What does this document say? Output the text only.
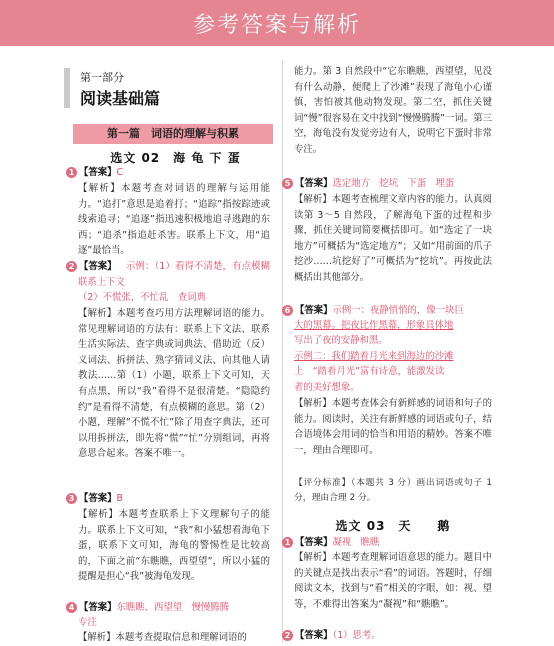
参考答案与解析
第一部分
阅读基础篇
第一篇　词语的理解与积累
选文 02　海 龟 下 蛋
1 【答案】C
【解析】本题考查对词语的理解与运用能力。“追打”意思是追着打；“追踪”指按踪迹或线索追寻；“追逐”指迅速积极地追寻逃跑的东西；“追杀”指追赶杀害。联系上下文，用“追逐”最恰当。
2 【答案】	示例：（1）看得不清楚，有点模糊　联系上下文
（2）不慌张，不忙乱　查词典
【解析】本题考查巧用方法理解词语的能力。常见理解词语的方法有：联系上下文法、联系生活实际法、查字典或词典法、借助近（反）义词法、拆拼法、熟字猜词义法、向其他人请教法……第（1）小题，联系上下文可知，天有点黑，所以“我”看得不是很清楚。“隐隐约约”是看得不清楚，有点模糊的意思。第（2）小题，理解“不慌不忙”除了用查字典法，还可以用拆拼法，即先将“慌”“忙”分别组词，再将意思合起来。答案不唯一。
3 【答案】B
【解析】本题考查联系上下文理解句子的能力。联系上下文可知，“我”和小猛想看海龟下蛋，联系下文可知，海龟的警惕性是比较高的，下面之前“东瞧瞧，西望望”，所以小猛的提醒是担心“我”被海龟发现。
4 【答案】东瞧瞧、西望望　慢慢腾腾
专注
【解析】本题考查提取信息和理解词语的
能力。第 3 自然段中“它东瞧瞧，西望望，见没有什么动静，便爬上了沙滩”表现了海龟小心谨慎，害怕被其他动物发现。第二空，抓住关键词“慢”很容易在文中找到“慢慢腾腾”一词。第三空，海龟没有发觉旁边有人，说明它下蛋时非常专注。
5 【答案】选定地方　挖坑　下蛋　埋蛋
【解析】本题考查梳理文章内容的能力。认真阅读第 3～5 自然段，了解海龟下蛋的过程和步骤，抓住关键词简要概括即可。如“选定了一块地方”可概括为“选定地方”；又如“用前面的爪子挖沙……坑挖好了”可概括为“挖坑”。再按此法概括出其他部分。
6 【答案】示例一：夜静悄悄的，像一块巨
大的黑幕。把夜比作黑幕，形象具体地
写出了夜的安静和黑。
示例二：我们踏着月光来到海边的沙滩
上　“踏着月光”富有诗意，能激发读
者的美好想象。
【解析】本题考查体会有新鲜感的词语和句子的能力。阅读时，关注有新鲜感的词语或句子，结合语境体会用词的恰当和用语的精妙。答案不唯一，理由合理即可。
【评分标准】（本题共 3 分）画出词语或句子 1 分，理由合理 2 分。
选文 03　天　　鹅
1 【答案】凝视　瞧瞧
【解析】本题考查理解词语意思的能力。题目中的关键点是找出表示“看”的词语。答题时，仔细阅读文本，找到与“看”相关的字眼，如：视、望等，不难得出答案为“凝视”和“瞧瞧”。
2 【答案】（1）思考。
